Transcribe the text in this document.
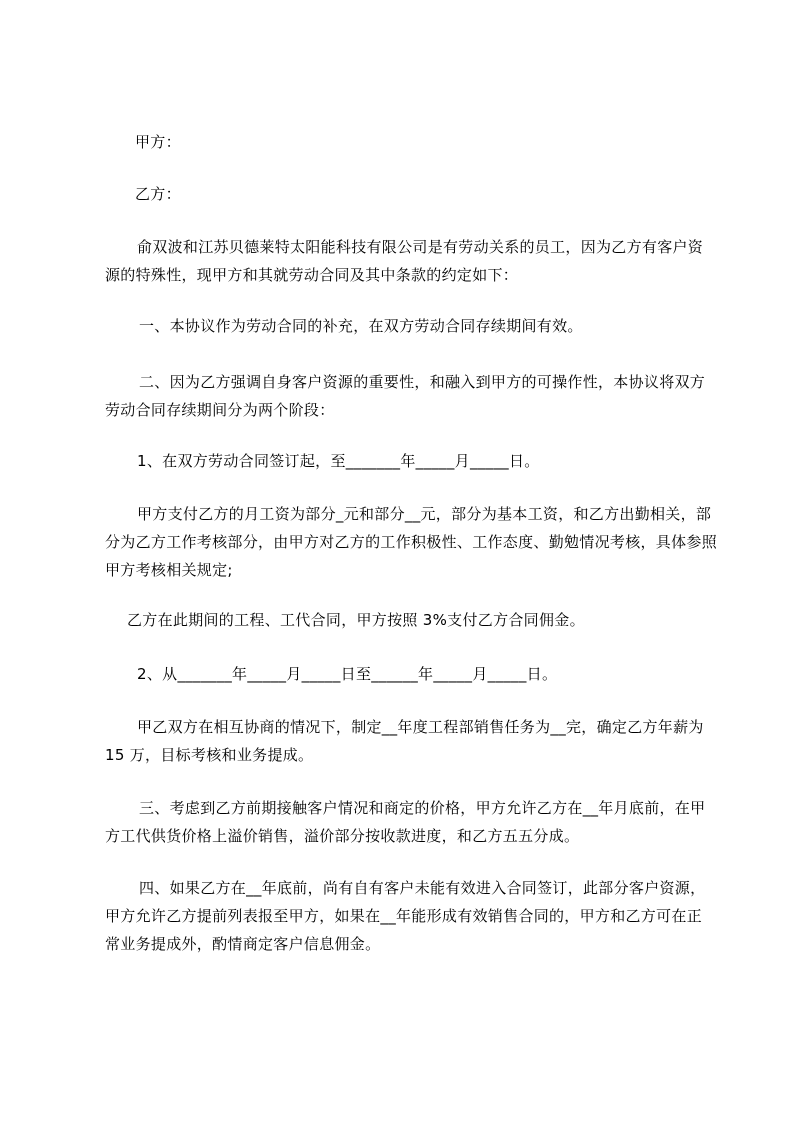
甲方：

乙方：

俞双波和江苏贝德莱特太阳能科技有限公司是有劳动关系的员工，因为乙方有客户资源的特殊性，现甲方和其就劳动合同及其中条款的约定如下：

一、本协议作为劳动合同的补充，在双方劳动合同存续期间有效。

二、因为乙方强调自身客户资源的重要性，和融入到甲方的可操作性，本协议将双方劳动合同存续期间分为两个阶段：

1、在双方劳动合同签订起，至_______年_____月_____日。

甲方支付乙方的月工资为部分_元和部分__元，部分为基本工资，和乙方出勤相关，部分为乙方工作考核部分，由甲方对乙方的工作积极性、工作态度、勤勉情况考核，具体参照甲方考核相关规定;

乙方在此期间的工程、工代合同，甲方按照 3%支付乙方合同佣金。

2、从_______年_____月_____日至______年_____月_____日。

甲乙双方在相互协商的情况下，制定__年度工程部销售任务为__完，确定乙方年薪为 15 万，目标考核和业务提成。

三、考虑到乙方前期接触客户情况和商定的价格，甲方允许乙方在__年月底前，在甲方工代供货价格上溢价销售，溢价部分按收款进度，和乙方五五分成。

四、如果乙方在__年底前，尚有自有客户未能有效进入合同签订，此部分客户资源，甲方允许乙方提前列表报至甲方，如果在__年能形成有效销售合同的，甲方和乙方可在正常业务提成外，酌情商定客户信息佣金。
